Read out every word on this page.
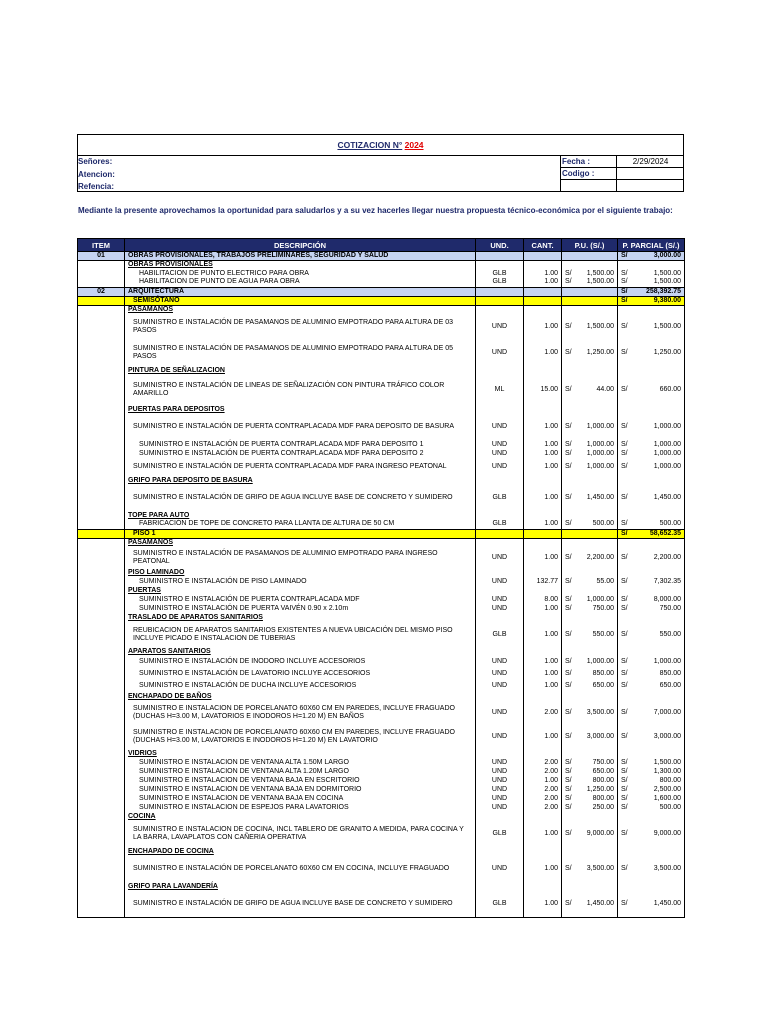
COTIZACION N° 2024
Señores:
Atencion:
Refencia:
Fecha :	2/29/2024
Codigo :
Mediante la presente aprovechamos la oportunidad para saludarlos y a su vez hacerles llegar nuestra propuesta técnico-económica por el siguiente trabajo:
ITEM	DESCRIPCIÓN	UND.	CANT.	P.U. (S/.)	P. PARCIAL (S/.)
01	OBRAS PROVISIONALES, TRABAJOS PRELIMINARES, SEGURIDAD Y SALUD				S/ 3,000.00
	OBRAS PROVISIONALES				
	HABILITACION DE PUNTO ELECTRICO PARA OBRA	GLB	1.00	S/ 1,500.00	S/ 1,500.00
	HABILITACION DE PUNTO DE AGUA PARA OBRA	GLB	1.00	S/ 1,500.00	S/ 1,500.00
02	ARQUITECTURA				S/ 258,392.75
	SEMISÓTANO				S/ 9,380.00
	PASAMANOS				
	SUMINISTRO E INSTALACIÓN DE PASAMANOS DE ALUMINIO EMPOTRADO PARA ALTURA DE 03 PASOS	UND	1.00	S/ 1,500.00	S/ 1,500.00
	SUMINISTRO E INSTALACIÓN DE PASAMANOS DE ALUMINIO EMPOTRADO PARA ALTURA DE 05 PASOS	UND	1.00	S/ 1,250.00	S/ 1,250.00
	PINTURA DE SEÑALIZACION				
	SUMINISTRO E INSTALACIÓN DE LINEAS DE SEÑALIZACIÓN CON PINTURA TRÁFICO COLOR AMARILLO	ML	15.00	S/ 44.00	S/ 660.00
	PUERTAS PARA DEPOSITOS				
	SUMINISTRO E INSTALACIÓN DE PUERTA CONTRAPLACADA MDF PARA DEPOSITO DE BASURA	UND	1.00	S/ 1,000.00	S/ 1,000.00
	SUMINISTRO E INSTALACIÓN DE PUERTA CONTRAPLACADA MDF PARA DEPOSITO 1	UND	1.00	S/ 1,000.00	S/ 1,000.00
	SUMINISTRO E INSTALACIÓN DE PUERTA CONTRAPLACADA MDF PARA DEPOSITO 2	UND	1.00	S/ 1,000.00	S/ 1,000.00
	SUMINISTRO E INSTALACIÓN DE PUERTA CONTRAPLACADA MDF PARA INGRESO PEATONAL	UND	1.00	S/ 1,000.00	S/ 1,000.00
	GRIFO PARA DEPOSITO DE BASURA				
	SUMINISTRO E INSTALACIÓN DE GRIFO DE AGUA INCLUYE BASE DE CONCRETO Y SUMIDERO	GLB	1.00	S/ 1,450.00	S/ 1,450.00
	TOPE PARA AUTO				
	FABRICACIÓN DE TOPE DE CONCRETO PARA LLANTA DE ALTURA DE 50 CM	GLB	1.00	S/ 500.00	S/ 500.00
	PISO 1				S/ 58,652.35
	PASAMANOS				
	SUMINISTRO E INSTALACIÓN DE PASAMANOS DE ALUMINIO EMPOTRADO PARA INGRESO PEATONAL	UND	1.00	S/ 2,200.00	S/ 2,200.00
	PISO LAMINADO				
	SUMINISTRO E INSTALACIÓN DE PISO LAMINADO	UND	132.77	S/ 55.00	S/ 7,302.35
	PUERTAS				
	SUMINISTRO E INSTALACIÓN DE PUERTA CONTRAPLACADA MDF	UND	8.00	S/ 1,000.00	S/ 8,000.00
	SUMINISTRO E INSTALACIÓN DE PUERTA VAIVÉN 0.90 x 2.10m	UND	1.00	S/ 750.00	S/ 750.00
	TRASLADO DE APARATOS SANITARIOS				
	REUBICACION DE APARATOS SANITARIOS EXISTENTES A NUEVA UBICACIÓN DEL MISMO PISO INCLUYE PICADO E INSTALACION DE TUBERIAS	GLB	1.00	S/ 550.00	S/ 550.00
	APARATOS SANITARIOS				
	SUMINISTRO E INSTALACIÓN DE INODORO INCLUYE ACCESORIOS	UND	1.00	S/ 1,000.00	S/ 1,000.00
	SUMINISTRO E INSTALACIÓN DE LAVATORIO INCLUYE ACCESORIOS	UND	1.00	S/ 850.00	S/ 850.00
	SUMINISTRO E INSTALACIÓN DE DUCHA INCLUYE ACCESORIOS	UND	1.00	S/ 650.00	S/ 650.00
	ENCHAPADO DE BAÑOS				
	SUMINISTRO E INSTALACION DE PORCELANATO 60X60 CM EN PAREDES, INCLUYE FRAGUADO (DUCHAS H=3.00 M, LAVATORIOS E INODOROS H=1.20 M) EN BAÑOS	UND	2.00	S/ 3,500.00	S/ 7,000.00
	SUMINISTRO E INSTALACION DE PORCELANATO 60X60 CM EN PAREDES, INCLUYE FRAGUADO (DUCHAS H=3.00 M, LAVATORIOS E INODOROS H=1.20 M) EN LAVATORIO	UND	1.00	S/ 3,000.00	S/ 3,000.00
	VIDRIOS				
	SUMINISTRO E INSTALACION DE VENTANA ALTA 1.50M LARGO	UND	2.00	S/ 750.00	S/ 1,500.00
	SUMINISTRO E INSTALACION DE VENTANA ALTA 1.20M LARGO	UND	2.00	S/ 650.00	S/ 1,300.00
	SUMINISTRO E INSTALACION DE VENTANA BAJA EN ESCRITORIO	UND	1.00	S/ 800.00	S/ 800.00
	SUMINISTRO E INSTALACION DE VENTANA BAJA EN DORMITORIO	UND	2.00	S/ 1,250.00	S/ 2,500.00
	SUMINISTRO E INSTALACION DE VENTANA BAJA EN COCINA	UND	2.00	S/ 800.00	S/ 1,600.00
	SUMINISTRO E INSTALACION DE ESPEJOS PARA LAVATORIOS	UND	2.00	S/ 250.00	S/ 500.00
	COCINA				
	SUMINISTRO E INSTALACION DE COCINA, INCL TABLERO DE GRANITO A MEDIDA, PARA COCINA Y LA BARRA, LAVAPLATOS CON CAÑERIA OPERATIVA	GLB	1.00	S/ 9,000.00	S/ 9,000.00
	ENCHAPADO DE COCINA				
	SUMINISTRO E INSTALACIÓN DE PORCELANATO 60X60 CM EN COCINA, INCLUYE FRAGUADO	UND	1.00	S/ 3,500.00	S/ 3,500.00
	GRIFO PARA LAVANDERÍA				
	SUMINISTRO E INSTALACIÓN DE GRIFO DE AGUA INCLUYE BASE DE CONCRETO Y SUMIDERO	GLB	1.00	S/ 1,450.00	S/ 1,450.00
